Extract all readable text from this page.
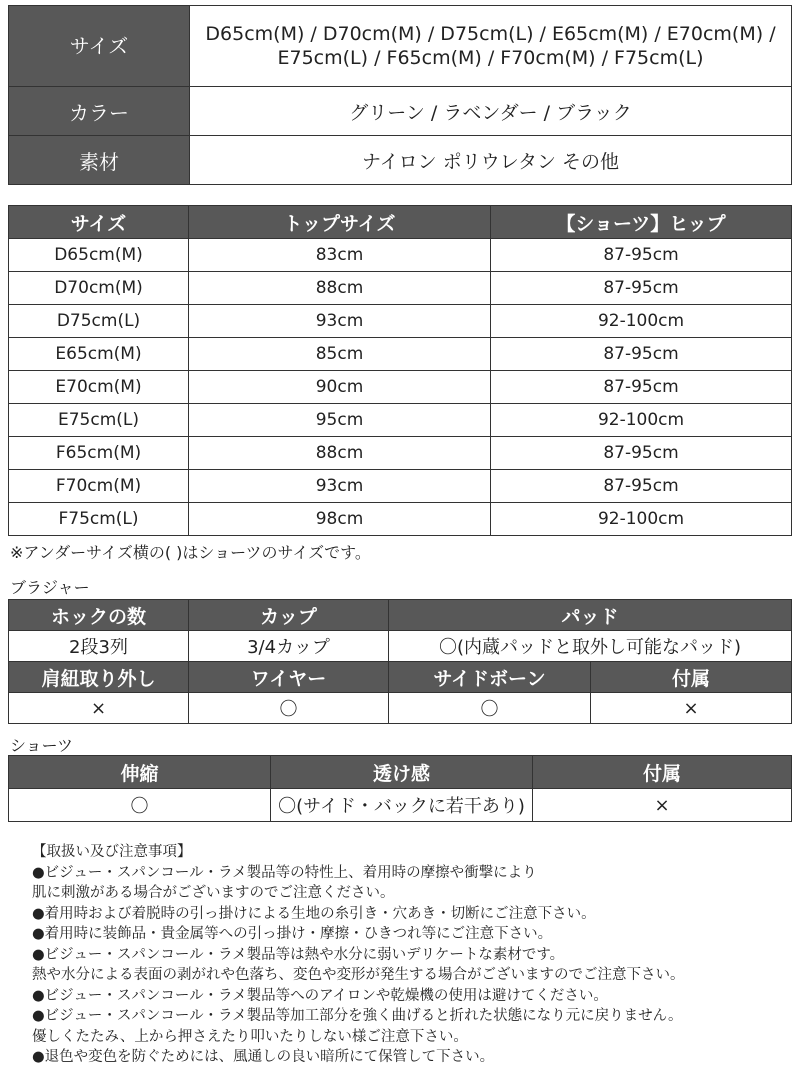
サイズ	D65cm(M) / D70cm(M) / D75cm(L) / E65cm(M) / E70cm(M) /
E75cm(L) / F65cm(M) / F70cm(M) / F75cm(L)

カラー	グリーン / ラベンダー / ブラック
素材	ナイロン ポリウレタン その他
サイズ	トップサイズ	【ショーツ】ヒップ
D65cm(M)	83cm	87-95cm
D70cm(M)	88cm	87-95cm
D75cm(L)	93cm	92-100cm
E65cm(M)	85cm	87-95cm
E70cm(M)	90cm	87-95cm
E75cm(L)	95cm	92-100cm
F65cm(M)	88cm	87-95cm
F70cm(M)	93cm	87-95cm
F75cm(L)	98cm	92-100cm
※アンダーサイズ横の( )はショーツのサイズです。
ブラジャー
ホックの数	カップ	パッド	
2段3列	3/4カップ	〇(内蔵パッドと取外し可能なパッド)	
肩紐取り外し	ワイヤー	サイドボーン	付属
×	〇	〇	×
ショーツ
伸縮	透け感	付属
〇	〇(サイド・バックに若干あり)	×
【取扱い及び注意事項】
●ビジュー・スパンコール・ラメ製品等の特性上、着用時の摩擦や衝撃により
肌に刺激がある場合がございますのでご注意ください。
●着用時および着脱時の引っ掛けによる生地の糸引き・穴あき・切断にご注意下さい。
●着用時に装飾品・貴金属等への引っ掛け・摩擦・ひきつれ等にご注意下さい。
●ビジュー・スパンコール・ラメ製品等は熱や水分に弱いデリケートな素材です。
熱や水分による表面の剥がれや色落ち、変色や変形が発生する場合がございますのでご注意下さい。
●ビジュー・スパンコール・ラメ製品等へのアイロンや乾燥機の使用は避けてください。
●ビジュー・スパンコール・ラメ製品等加工部分を強く曲げると折れた状態になり元に戻りません。
優しくたたみ、上から押さえたり叩いたりしない様ご注意下さい。
●退色や変色を防ぐためには、風通しの良い暗所にて保管して下さい。
